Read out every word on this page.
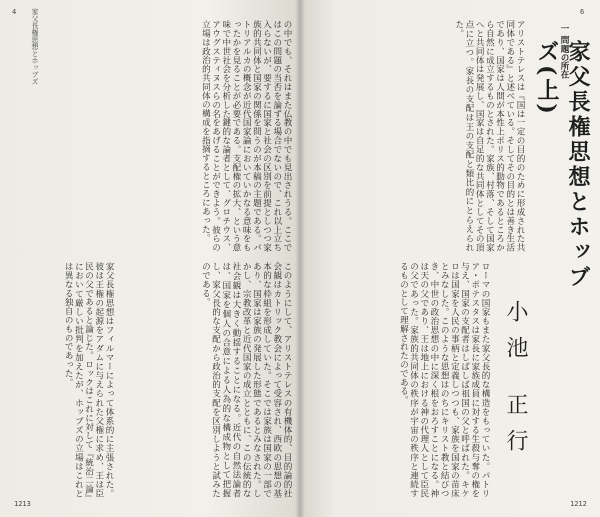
1213
4 家父長権思想とホッブズ	の中でも、それはまた仏教の中でも見出されうる。ここではこの問題の当否を論ずる場合でないので、これ以上立ち入らないが、要するに国家と社会の区別を前提としつつ家族的共同体と国家の関係を問うのが本稿の主題である。パトリアルカの概念が近代国家論においていかなる意味をもったかを見ることが必要である。支配権の拡大、という意味で中世社会を分析した鍵的な論者として、グロチウス、アウグスティヌスらの名をあげることができよう。彼らの立場は政治的共同体の構成を指摘するところにあった。
このようにして、アリストテレスの有機体的、目的論的社会観はカトリック教会によって受容され、西欧の思想の基本的な枠組を形成していた。そこでは家族は国家の一部であり、国家は家族の発展した形態であるとみなされた。しかし、宗教改革と近代国家の成立とともに、この伝統的な社会観は大きく動揺することになる。近代の自然法論者は、国家を個人の合意による人為的な構成物として把握し、家父長的な支配から政治的支配を区別しようと試みたのである。
家父長権思想はフィルマーによって体系的に主張された。彼は王権の起源をアダムに与えられた父権に求め、王は臣民の父であると論じた。ロックはこれに対して『統治二論』において厳しい批判を加えたが、ホッブズの立場はこれとは異なる独自のものであった。
1212
6
家父長権思想とホッブズ(上)
小池 正行
一 問題の所在
アリストテレスは『国は一定の目的のために形成された共同体である』と述べている。そしてその目的とは善き生活であり、国家は人間が本性上ポリス的動物であるところから自然に成立するものとされた。家族、村落、そして国家へと共同体は発展し、国家は自足的な共同体としてその頂点に立つ。家長の支配は王の支配と類比的にとらえられた。
ローマの国家もまた家父長的な構造をもっていた。パトリア・ポテスタスは家長に家族成員に対する生殺与奪の権を与え、国家の支配者はしばしば祖国の父と呼ばれた。キケロは国家を人民の事柄と定義しつつも、家族を国家の苗床とみなした。このような思想はのちにキリスト教と結びつき、中世の政治思想の中に深く根をおろすことになる。神は天の父であり、王は地上における神の代理人として臣民の父であった。家族的共同体の秩序が宇宙の秩序と連続するものとして理解されたのである。
